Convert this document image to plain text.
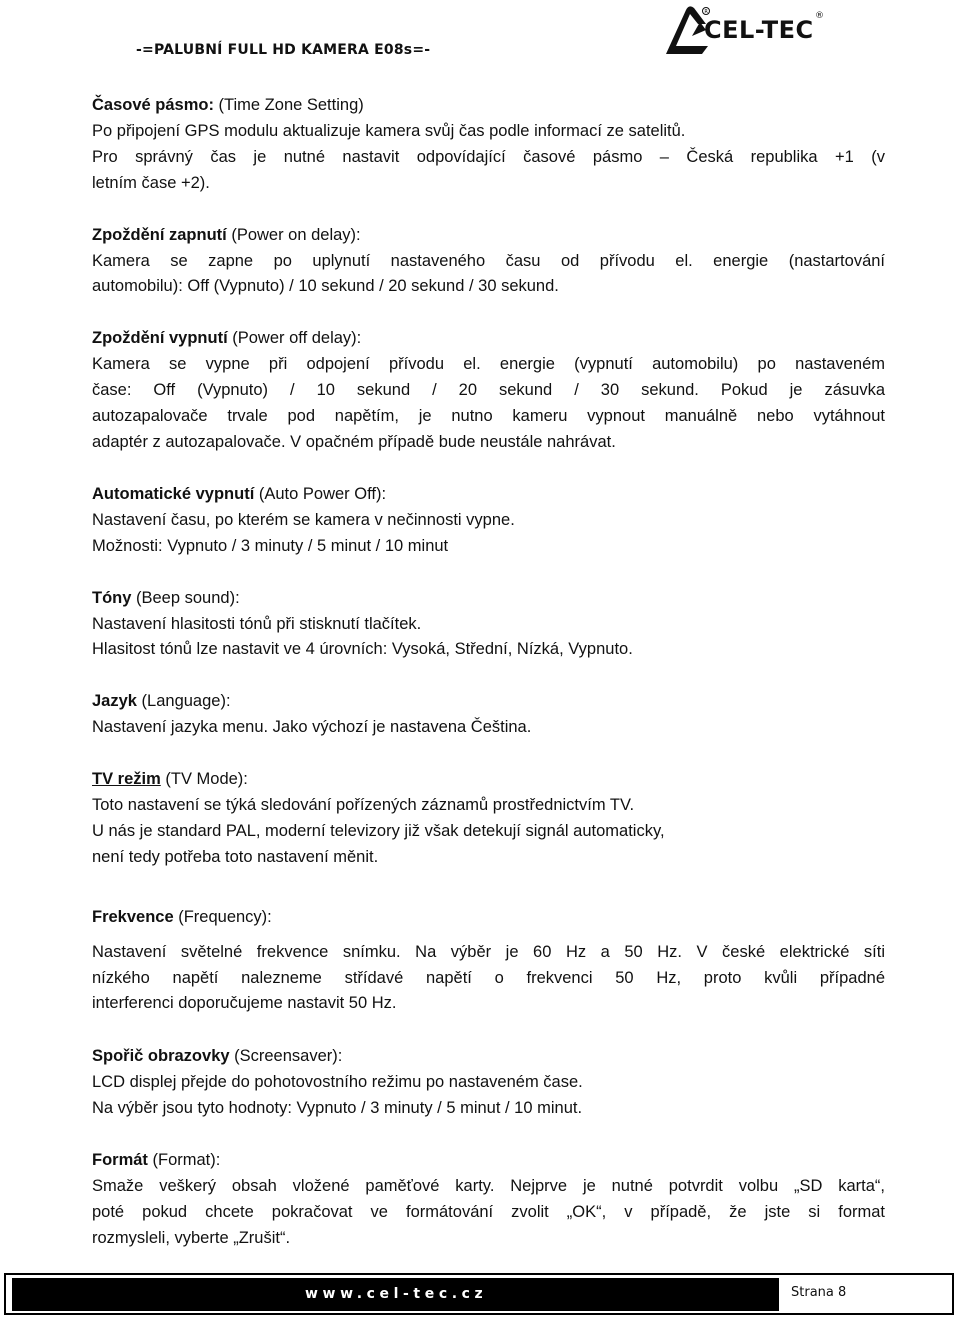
-=PALUBNÍ FULL HD KAMERA E08s=-
R
CEL-TEC ®
Časové pásmo: (Time Zone Setting)
Po připojení GPS modulu aktualizuje kamera svůj čas podle informací ze satelitů.
Pro správný čas je nutné nastavit odpovídající časové pásmo – Česká republika +1 (v
letním čase +2).
Zpoždění zapnutí (Power on delay):
Kamera se zapne po uplynutí nastaveného času od přívodu el. energie (nastartování
automobilu): Off (Vypnuto) / 10 sekund / 20 sekund / 30 sekund.
Zpoždění vypnutí (Power off delay):
Kamera se vypne při odpojení přívodu el. energie (vypnutí automobilu) po nastaveném
čase: Off (Vypnuto) / 10 sekund / 20 sekund / 30 sekund. Pokud je zásuvka
autozapalovače trvale pod napětím, je nutno kameru vypnout manuálně nebo vytáhnout
adaptér z autozapalovače. V opačném případě bude neustále nahrávat.
Automatické vypnutí (Auto Power Off):
Nastavení času, po kterém se kamera v nečinnosti vypne.
Možnosti: Vypnuto / 3 minuty / 5 minut / 10 minut
Tóny (Beep sound):
Nastavení hlasitosti tónů při stisknutí tlačítek.
Hlasitost tónů lze nastavit ve 4 úrovních: Vysoká, Střední, Nízká, Vypnuto.
Jazyk (Language):
Nastavení jazyka menu. Jako výchozí je nastavena Čeština.
TV režim (TV Mode):
Toto nastavení se týká sledování pořízených záznamů prostřednictvím TV.
U nás je standard PAL, moderní televizory již však detekují signál automaticky,
není tedy potřeba toto nastavení měnit.
Frekvence (Frequency):
Nastavení světelné frekvence snímku. Na výběr je 60 Hz a 50 Hz. V české elektrické síti
nízkého napětí nalezneme střídavé napětí o frekvenci 50 Hz, proto kvůli případné
interferenci doporučujeme nastavit 50 Hz.
Spořič obrazovky (Screensaver):
LCD displej přejde do pohotovostního režimu po nastaveném čase.
Na výběr jsou tyto hodnoty: Vypnuto / 3 minuty / 5 minut / 10 minut.
Formát (Format):
Smaže veškerý obsah vložené paměťové karty. Nejprve je nutné potvrdit volbu „SD karta“,
poté pokud chcete pokračovat ve formátování zvolit „OK“, v případě, že jste si format
rozmysleli, vyberte „Zrušit“.
www.cel-tec.cz	Strana 8
